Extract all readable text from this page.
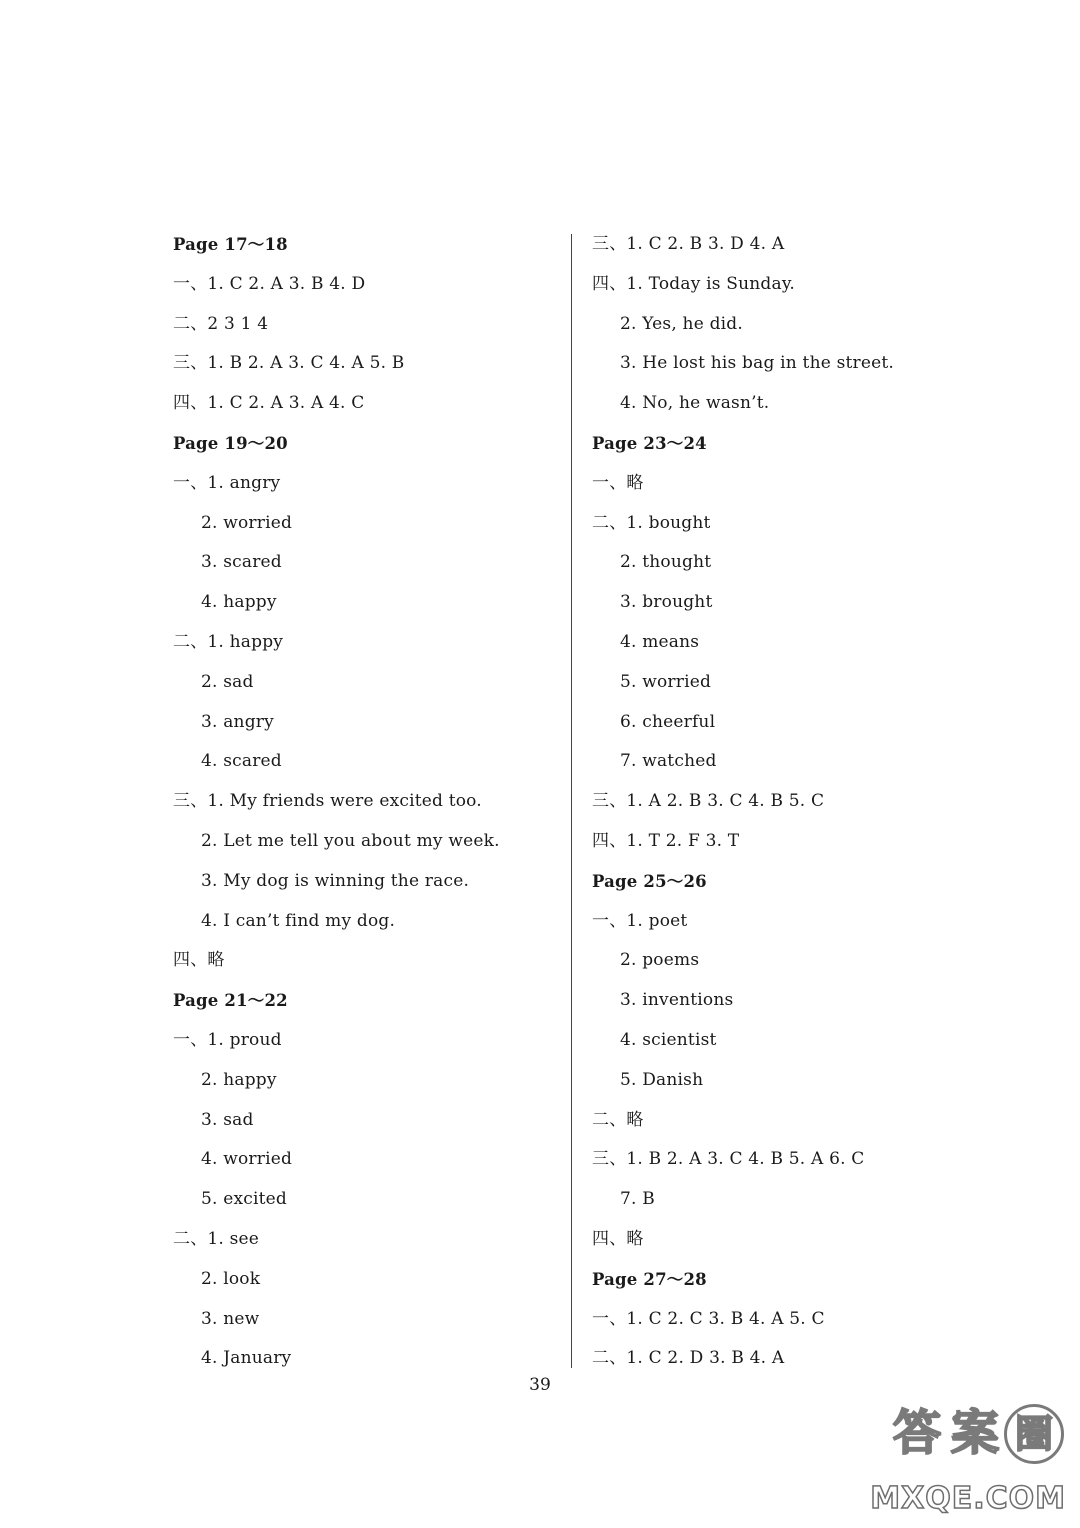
Page 17～18
一、1. C 2. A 3. B 4. D
二、2 3 1 4
三、1. B 2. A 3. C 4. A 5. B
四、1. C 2. A 3. A 4. C
Page 19～20
一、1. angry
2. worried
3. scared
4. happy
二、1. happy
2. sad
3. angry
4. scared
三、1. My friends were excited too.
2. Let me tell you about my week.
3. My dog is winning the race.
4. I can’t find my dog.
四、略
Page 21～22
一、1. proud
2. happy
3. sad
4. worried
5. excited
二、1. see
2. look
3. new
4. January
三、1. C 2. B 3. D 4. A
四、1. Today is Sunday.
2. Yes, he did.
3. He lost his bag in the street.
4. No, he wasn’t.
Page 23～24
一、略
二、1. bought
2. thought
3. brought
4. means
5. worried
6. cheerful
7. watched
三、1. A 2. B 3. C 4. B 5. C
四、1. T 2. F 3. T
Page 25～26
一、1. poet
2. poems
3. inventions
4. scientist
5. Danish
二、略
三、1. B 2. A 3. C 4. B 5. A 6. C
7. B
四、略
Page 27～28
一、1. C 2. C 3. B 4. A 5. C
二、1. C 2. D 3. B 4. A
39
答 案 圈
MXQE.COM
